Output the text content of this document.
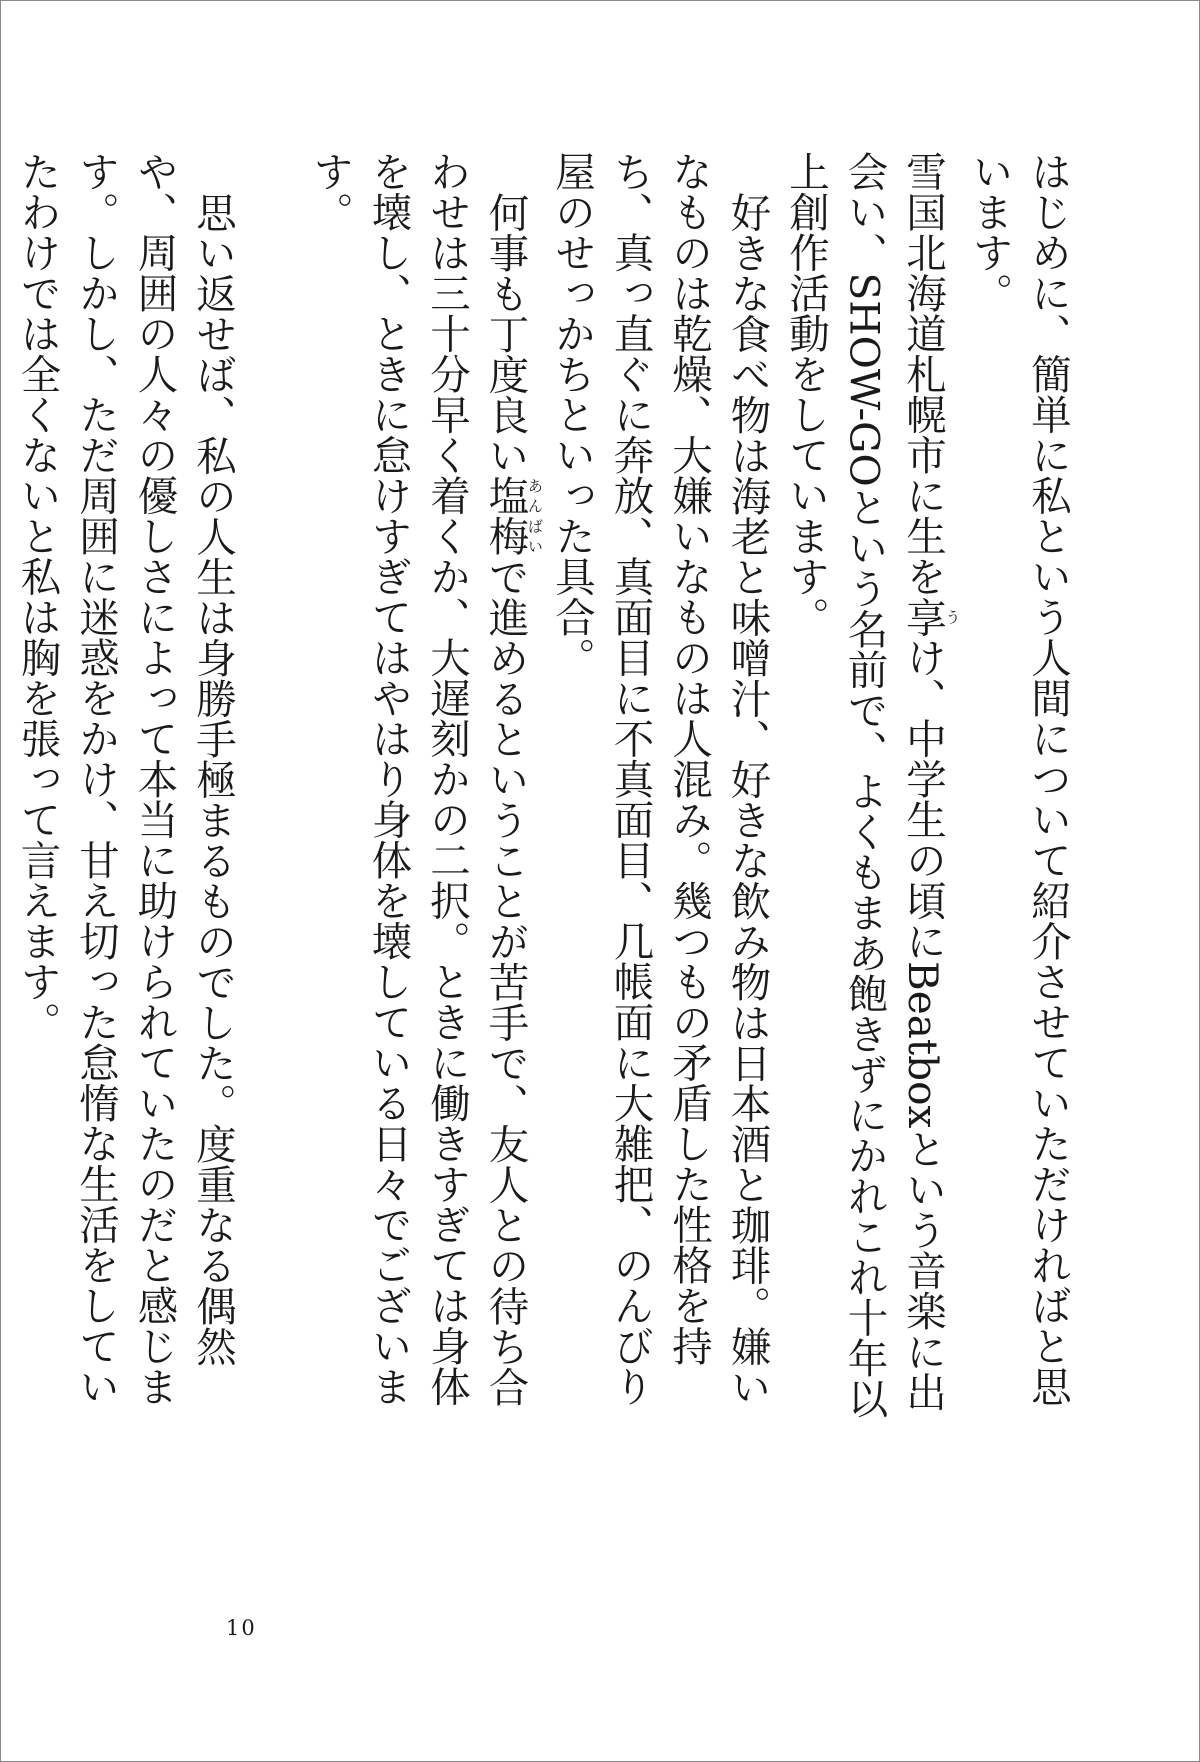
はじめに、簡単に私という人間について紹介させていただければと思います。

雪国北海道札幌市に生を享うけ、中学生の頃にBeatboxという音楽に出会い、SHOW-GOという名前で、よくもまあ飽きずにかれこれ十年以上創作活動をしています。

好きな食べ物は海老と味噌汁、好きな飲み物は日本酒と珈琲。嫌いなものは乾燥、大嫌いなものは人混み。幾つもの矛盾した性格を持ち、真っ直ぐに奔放、真面目に不真面目、几帳面に大雑把、のんびり屋のせっかちといった具合。

何事も丁度良い塩梅あんばいで進めるということが苦手で、友人との待ち合わせは三十分早く着くか、大遅刻かの二択。ときに働きすぎては身体を壊し、ときに怠けすぎてはやはり身体を壊している日々でございます。

思い返せば、私の人生は身勝手極まるものでした。度重なる偶然や、周囲の人々の優しさによって本当に助けられていたのだと感じます。しかし、ただ周囲に迷惑をかけ、甘え切った怠惰な生活をしていたわけでは全くないと私は胸を張って言えます。

10
